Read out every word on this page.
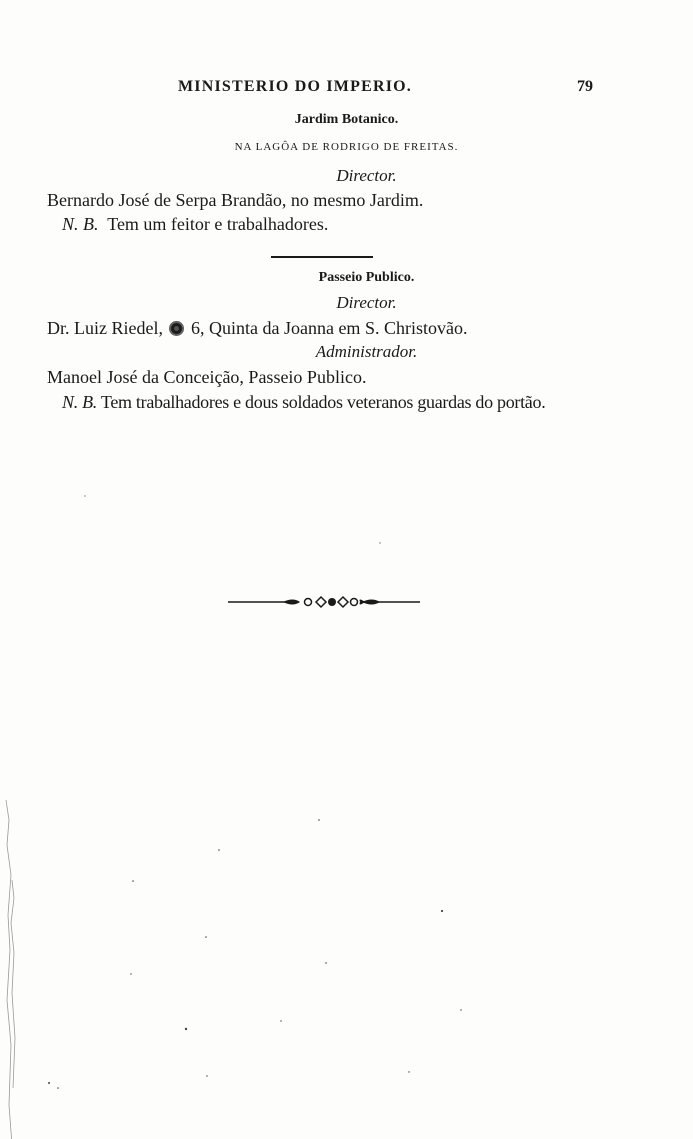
MINISTERIO DO IMPERIO.	79
Jardim Botanico.
NA LAGÔA DE RODRIGO DE FREITAS.
Director.
Bernardo José de Serpa Brandão, no mesmo Jardim.
N. B. Tem um feitor e trabalhadores.
Passeio Publico.
Director.
Dr. Luiz Riedel, 6, Quinta da Joanna em S. Christovão.
Administrador.
Manoel José da Conceição, Passeio Publico.
N. B. Tem trabalhadores e dous soldados veteranos guardas do portão.
